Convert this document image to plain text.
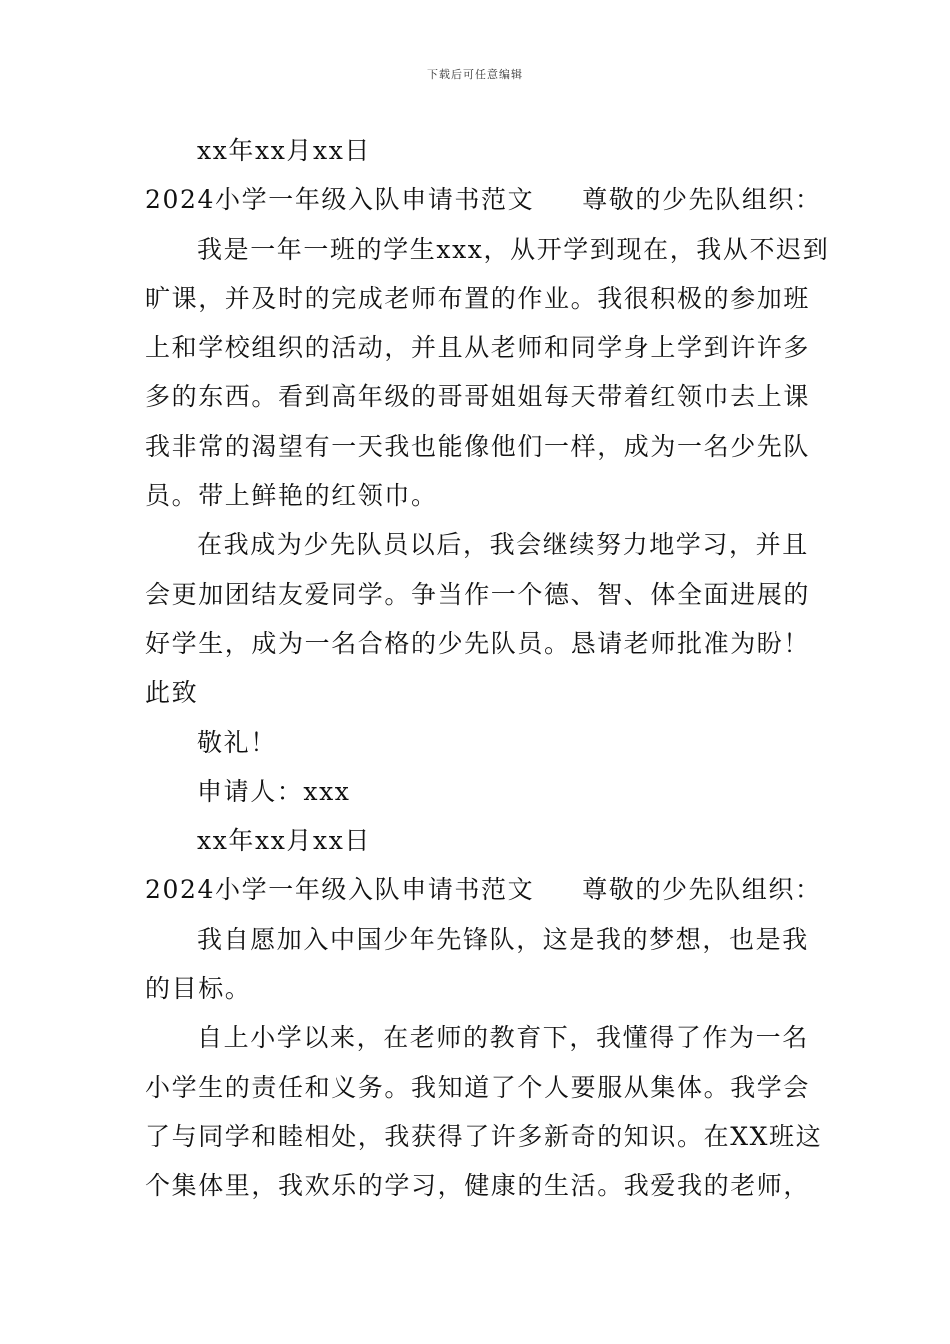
下载后可任意编辑
xx年xx月xx日
2024小学一年级入队申请书范文 尊敬的少先队组织：
我是一年一班的学生xxx，从开学到现在，我从不迟到
旷课，并及时的完成老师布置的作业。我很积极的参加班
上和学校组织的活动，并且从老师和同学身上学到许许多
多的东西。看到高年级的哥哥姐姐每天带着红领巾去上课
我非常的渴望有一天我也能像他们一样，成为一名少先队
员。带上鲜艳的红领巾。
在我成为少先队员以后，我会继续努力地学习，并且
会更加团结友爱同学。争当作一个德、智、体全面进展的
好学生，成为一名合格的少先队员。恳请老师批准为盼！
此致
敬礼！
申请人：xxx
xx年xx月xx日
2024小学一年级入队申请书范文 尊敬的少先队组织：
我自愿加入中国少年先锋队，这是我的梦想，也是我
的目标。
自上小学以来，在老师的教育下，我懂得了作为一名
小学生的责任和义务。我知道了个人要服从集体。我学会
了与同学和睦相处，我获得了许多新奇的知识。在XX班这
个集体里，我欢乐的学习，健康的生活。我爱我的老师，
